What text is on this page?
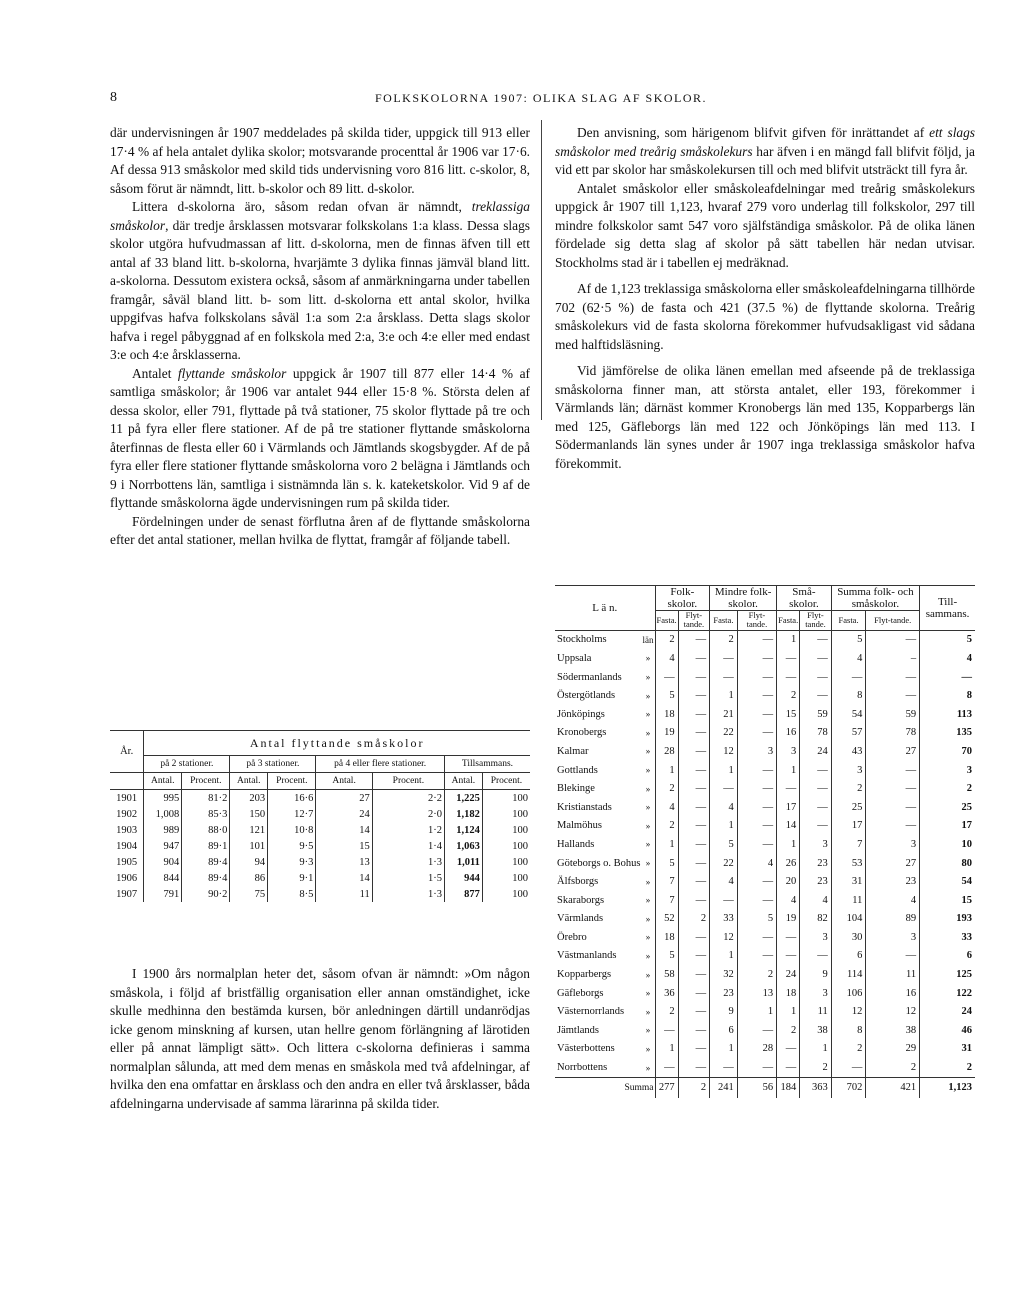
8	FOLKSKOLORNA 1907: OLIKA SLAG AF SKOLOR.

där undervisningen år 1907 meddelades på skilda tider, uppgick till 913 eller 17·4 % af hela antalet dylika skolor; motsvarande procenttal år 1906 var 17·6. Af dessa 913 småskolor med skild tids undervisning voro 816 litt. c-skolor, 8, såsom förut är nämndt, litt. b-skolor och 89 litt. d-skolor.

Littera d-skolorna äro, såsom redan ofvan är nämndt, treklassiga småskolor, där tredje årsklassen motsvarar folkskolans 1:a klass. Dessa slags skolor utgöra hufvudmassan af litt. d-skolorna, men de finnas äfven till ett antal af 33 bland litt. b-skolorna, hvarjämte 3 dylika finnas jämväl bland litt. a-skolorna. Dessutom existera också, såsom af anmärkningarna under tabellen framgår, såväl bland litt. b- som litt. d-skolorna ett antal skolor, hvilka uppgifvas hafva folkskolans såväl 1:a som 2:a årsklass. Detta slags skolor hafva i regel påbyggnad af en folkskola med 2:a, 3:e och 4:e eller med endast 3:e och 4:e årsklasserna.

Antalet flyttande småskolor uppgick år 1907 till 877 eller 14·4 % af samtliga småskolor; år 1906 var antalet 944 eller 15·8 %. Största delen af dessa skolor, eller 791, flyttade på två stationer, 75 skolor flyttade på tre och 11 på fyra eller flere stationer. Af de på tre stationer flyttande småskolorna återfinnas de flesta eller 60 i Värmlands och Jämtlands skogsbygder. Af de på fyra eller flere stationer flyttande småskolorna voro 2 belägna i Jämtlands och 9 i Norrbottens län, samtliga i sistnämnda län s. k. kateketskolor. Vid 9 af de flyttande småskolorna ägde undervisningen rum på skilda tider.

Fördelningen under de senast förflutna åren af de flyttande småskolorna efter det antal stationer, mellan hvilka de flyttat, framgår af följande tabell.

År.	Antal flyttande småskolor							
	på 2 stationer.		på 3 stationer.		på 4 eller flere stationer.		Tillsammans.	
	Antal.	Procent.	Antal.	Procent.	Antal.	Procent.	Antal.	Procent.
1901	995	81·2	203	16·6	27	2·2	1,225	100
1902	1,008	85·3	150	12·7	24	2·0	1,182	100
1903	989	88·0	121	10·8	14	1·2	1,124	100
1904	947	89·1	101	9·5	15	1·4	1,063	100
1905	904	89·4	94	9·3	13	1·3	1,011	100
1906	844	89·4	86	9·1	14	1·5	944	100
1907	791	90·2	75	8·5	11	1·3	877	100

I 1900 års normalplan heter det, såsom ofvan är nämndt: »Om någon småskola, i följd af bristfällig organisation eller annan omständighet, icke skulle medhinna den bestämda kursen, bör anledningen därtill undanrödjas icke genom minskning af kursen, utan hellre genom förlängning af lärotiden eller på annat lämpligt sätt». Och littera c-skolorna definieras i samma normalplan sålunda, att med dem menas en småskola med två afdelningar, af hvilka den ena omfattar en årsklass och den andra en eller två årsklasser, båda afdelningarna undervisade af samma lärarinna på skilda tider.

Den anvisning, som härigenom blifvit gifven för inrättandet af ett slags småskolor med treårig småskolekurs har äfven i en mängd fall blifvit följd, ja vid ett par skolor har småskolekursen till och med blifvit utsträckt till fyra år.

Antalet småskolor eller småskoleafdelningar med treårig småskolekurs uppgick år 1907 till 1,123, hvaraf 279 voro underlag till folkskolor, 297 till mindre folkskolor samt 547 voro själfständiga småskolor. På de olika länen fördelade sig detta slag af skolor på sätt tabellen här nedan utvisar. Stockholms stad är i tabellen ej medräknad.

Af de 1,123 treklassiga småskolorna eller småskoleafdelningarna tillhörde 702 (62·5 %) de fasta och 421 (37.5 %) de flyttande skolorna. Treårig småskolekurs vid de fasta skolorna förekommer hufvudsakligast vid sådana med halftidsläsning.

Vid jämförelse de olika länen emellan med afseende på de treklassiga småskolorna finner man, att största antalet, eller 193, förekommer i Värmlands län; därnäst kommer Kronobergs län med 135, Kopparbergs län med 125, Gäfleborgs län med 122 och Jönköpings län med 113. I Södermanlands län synes under år 1907 inga treklassiga småskolor hafva förekommit.

L ä n.		Folk-skolor.		Mindre folk-skolor.		Små-skolor.		Summa folk- och småskolor.		Till-sammans.
		Fasta.	Flyt-tande.	Fasta.	Flyt-tande.	Fasta.	Flyt-tande.	Fasta.	Flyt-tande.	
Stockholms	län	2	—	2	—	1	—	5	—	5
Uppsala	»	4	—	—	—	—	—	4	–	4
Södermanlands	»	—	—	—	—	—	—	—	—	—
Östergötlands	»	5	—	1	—	2	—	8	—	8
Jönköpings	»	18	—	21	—	15	59	54	59	113
Kronobergs	»	19	—	22	—	16	78	57	78	135
Kalmar	»	28	—	12	3	3	24	43	27	70
Gottlands	»	1	—	1	—	1	—	3	—	3
Blekinge	»	2	—	—	—	—	—	2	—	2
Kristianstads	»	4	—	4	—	17	—	25	—	25
Malmöhus	»	2	—	1	—	14	—	17	—	17
Hallands	»	1	—	5	—	1	3	7	3	10
Göteborgs o. Bohus	»	5	—	22	4	26	23	53	27	80
Älfsborgs	»	7	—	4	—	20	23	31	23	54
Skaraborgs	»	7	—	—	—	4	4	11	4	15
Värmlands	»	52	2	33	5	19	82	104	89	193
Örebro	»	18	—	12	—	—	3	30	3	33
Västmanlands	»	5	—	1	—	—	—	6	—	6
Kopparbergs	»	58	—	32	2	24	9	114	11	125
Gäfleborgs	»	36	—	23	13	18	3	106	16	122
Västernorrlands	»	2	—	9	1	1	11	12	12	24
Jämtlands	»	—	—	6	—	2	38	8	38	46
Västerbottens	»	1	—	1	28	—	1	2	29	31
Norrbottens	»	—	—	—	—	—	2	—	2	2
Summa		277	2	241	56	184	363	702	421	1,123
